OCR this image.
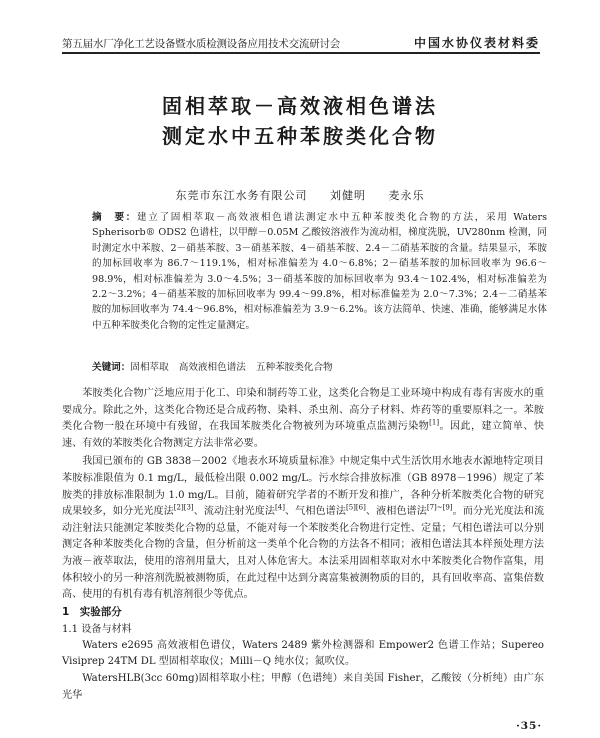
第五届水厂净化工艺设备暨水质检测设备应用技术交流研讨会	中国水协仪表材料委
固相萃取－高效液相色谱法
测定水中五种苯胺类化合物
东莞市东江水务有限公司 刘健明 麦永乐
摘　要：建立了固相萃取－高效液相色谱法测定水中五种苯胺类化合物的方法，采用 Waters Spherisorb® ODS2 色谱柱，以甲醇－0.05M 乙酸铵溶液作为流动相，梯度洗脱，UV280nm 检测，同时测定水中苯胺、2－硝基苯胺、3－硝基苯胺、4－硝基苯胺、2.4－二硝基苯胺的含量。结果显示，苯胺的加标回收率为 86.7～119.1%，相对标准偏差为 4.0～6.8%；2－硝基苯胺的加标回收率为 96.6～98.9%，相对标准偏差为 3.0～4.5%；3－硝基苯胺的加标回收率为 93.4～102.4%，相对标准偏差为 2.2～3.2%；4－硝基苯胺的加标回收率为 99.4～99.8%，相对标准偏差为 2.0～7.3%；2.4－二硝基苯胺的加标回收率为 74.4～96.8%，相对标准偏差为 3.9～6.2%。该方法简单、快速、准确，能够满足水体中五种苯胺类化合物的定性定量测定。
关键词：固相萃取 高效液相色谱法 五种苯胺类化合物

苯胺类化合物广泛地应用于化工、印染和制药等工业，这类化合物是工业环境中构成有毒有害废水的重要成分。除此之外，这类化合物还是合成药物、染料、杀虫剂、高分子材料、炸药等的重要原料之一。苯胺类化合物一般在环境中有残留，在我国苯胺类化合物被列为环境重点监测污染物[1]。因此，建立简单、快速、有效的苯胺类化合物测定方法非常必要。

我国已颁布的 GB 3838－2002《地表水环境质量标准》中规定集中式生活饮用水地表水源地特定项目苯胺标准限值为 0.1 mg/L，最低检出限 0.002 mg/L。污水综合排放标准（GB 8978－1996）规定了苯胺类的排放标准限制为 1.0 mg/L。目前，随着研究学者的不断开发和推广，各种分析苯胺类化合物的研究成果较多，如分光光度法[2][3]、流动注射光度法[4]、气相色谱法[5][6]、液相色谱法[7]~[9]。而分光光度法和流动注射法只能测定苯胺类化合物的总量，不能对每一个苯胺类化合物进行定性、定量；气相色谱法可以分别测定各种苯胺类化合物的含量，但分析前这一类单个化合物的方法各不相同；液相色谱法其本样预处理方法为液－液萃取法，使用的溶剂用量大，且对人体危害大。本法采用固相萃取对水中苯胺类化合物作富集，用体积较小的另一种溶剂洗脱被测物质，在此过程中达到分离富集被测物质的目的，具有回收率高、富集倍数高、使用的有机有毒有机溶剂很少等优点。

1　实验部分
1.1 设备与材料

Waters e2695 高效液相色谱仪，Waters 2489 紫外检测器和 Empower2 色谱工作站；Supereo Visiprep 24TM DL 型固相萃取仪；Milli－Q 纯水仪；氮吹仪。

WatersHLB(3cc 60mg)固相萃取小柱；甲醇（色谱纯）来自美国 Fisher，乙酸铵（分析纯）由广东光华

·35·
